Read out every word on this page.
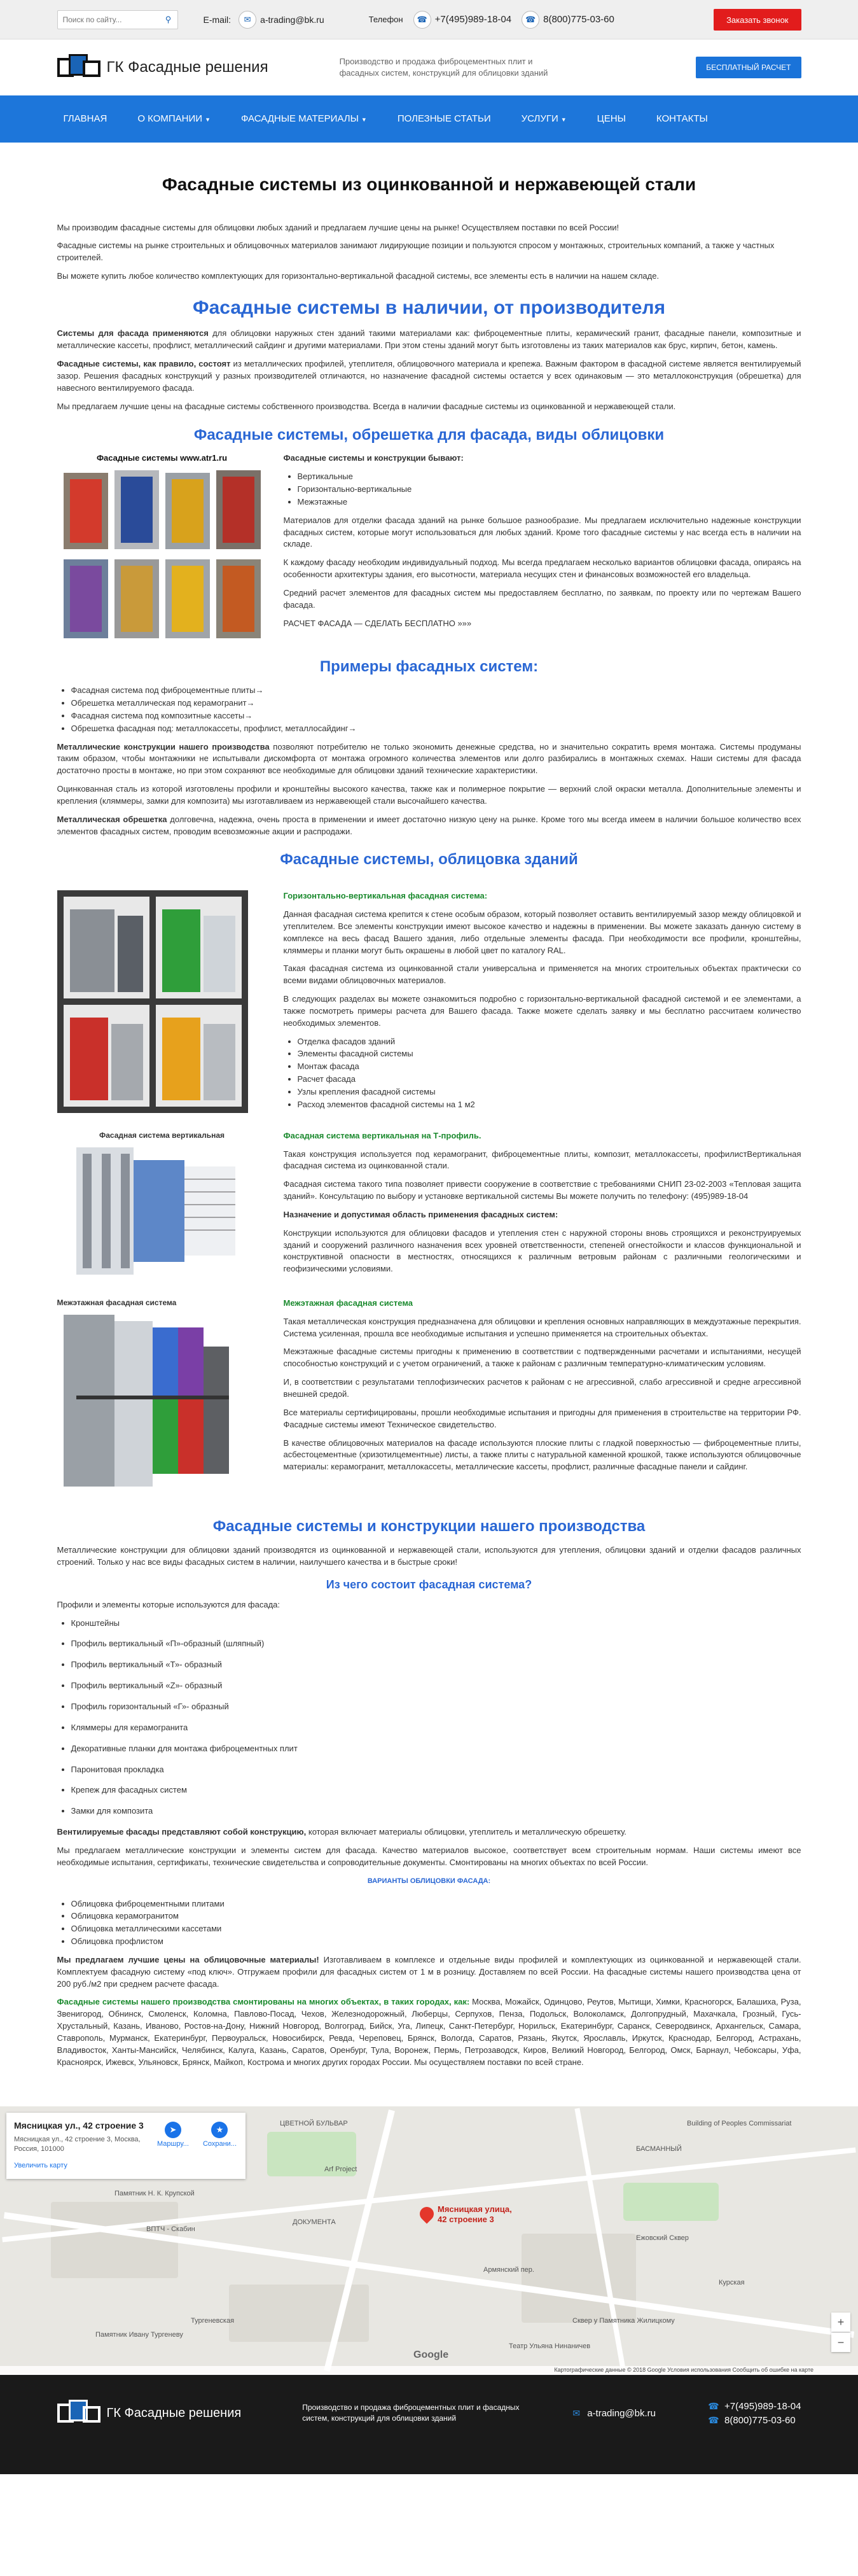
Поиск по сайту...
⚲	E-mail:	✉	a-trading@bk.ru	Телефон	☎ +7(495)989-18-04	☎ 8(800)775-03-60	Заказать звонок
ГК Фасадные решения	Производство и продажа фиброцементных плит и фасадных систем, конструкций для облицовки зданий
БЕСПЛАТНЫЙ РАСЧЕТ
ГЛАВНАЯ	О КОМПАНИИ ▼	ФАСАДНЫЕ МАТЕРИАЛЫ ▼	ПОЛЕЗНЫЕ СТАТЬИ	УСЛУГИ ▼	ЦЕНЫ	КОНТАКТЫ
Фасадные системы из оцинкованной и нержавеющей стали

Мы производим фасадные системы для облицовки любых зданий и предлагаем лучшие цены на рынке! Осуществляем поставки по всей России!

Фасадные системы на рынке строительных и облицовочных материалов занимают лидирующие позиции и пользуются спросом у монтажных, строительных компаний, а также у частных строителей.

Вы можете купить любое количество комплектующих для горизонтально-вертикальной фасадной системы, все элементы есть в наличии на нашем складе.

Фасадные системы в наличии, от производителя

Системы для фасада применяются для облицовки наружных стен зданий такими материалами как: фиброцементные плиты, керамический гранит, фасадные панели, композитные и металлические кассеты, профлист, металлический сайдинг и другими материалами. При этом стены зданий могут быть изготовлены из таких материалов как брус, кирпич, бетон, камень.

Фасадные системы, как правило, состоят из металлических профилей, утеплителя, облицовочного материала и крепежа. Важным фактором в фасадной системе является вентилируемый зазор. Решения фасадных конструкций у разных производителей отличаются, но назначение фасадной системы остается у всех одинаковым — это металлоконструкция (обрешетка) для навесного вентилируемого фасада.

Мы предлагаем лучшие цены на фасадные системы собственного производства. Всегда в наличии фасадные системы из оцинкованной и нержавеющей стали.

Фасадные системы, обрешетка для фасада, виды облицовки
Фасадные системы www.atr1.ru	Фасадные системы и конструкции бывают:

• Вертикальные
• Горизонтально-вертикальные
• Межэтажные

Материалов для отделки фасада зданий на рынке большое разнообразие. Мы предлагаем исключительно надежные конструкции фасадных систем, которые могут использоваться для любых зданий. Кроме того фасадные системы у нас всегда есть в наличии на складе.

К каждому фасаду необходим индивидуальный подход. Мы всегда предлагаем несколько вариантов облицовки фасада, опираясь на особенности архитектуры здания, его высотности, материала несущих стен и финансовых возможностей его владельца.

Средний расчет элементов для фасадных систем мы предоставляем бесплатно, по заявкам, по проекту или по чертежам Вашего фасада.

РАСЧЕТ ФАСАДА — СДЕЛАТЬ БЕСПЛАТНО »»»

Примеры фасадных систем:
• Фасадная система под фиброцементные плиты→
• Обрешетка металлическая под керамогранит→
• Фасадная система под композитные кассеты→
• Обрешетка фасадная под: металлокассеты, профлист, металлосайдинг→

Металлические конструкции нашего производства позволяют потребителю не только экономить денежные средства, но и значительно сократить время монтажа. Системы продуманы таким образом, чтобы монтажники не испытывали дискомфорта от монтажа огромного количества элементов или долго разбирались в монтажных схемах. Наши системы для фасада достаточно просты в монтаже, но при этом сохраняют все необходимые для облицовки зданий технические характеристики.

Оцинкованная сталь из которой изготовлены профили и кронштейны высокого качества, также как и полимерное покрытие — верхний слой окраски металла. Дополнительные элементы и крепления (кляммеры, замки для композита) мы изготавливаем из нержавеющей стали высочайшего качества.

Металлическая обрешетка долговечна, надежна, очень проста в применении и имеет достаточно низкую цену на рынке. Кроме того мы всегда имеем в наличии большое количество всех элементов фасадных систем, проводим всевозможные акции и распродажи.

Фасадные системы, облицовка зданий

Горизонтально-вертикальная фасадная система:

Данная фасадная система крепится к стене особым образом, который позволяет оставить вентилируемый зазор между облицовкой и утеплителем. Все элементы конструкции имеют высокое качество и надежны в применении. Вы можете заказать данную систему в комплексе на весь фасад Вашего здания, либо отдельные элементы фасада. При необходимости все профили, кронштейны, кляммеры и планки могут быть окрашены в любой цвет по каталогу RAL.

Такая фасадная система из оцинкованной стали универсальна и применяется на многих строительных объектах практически со всеми видами облицовочных материалов.

В следующих разделах вы можете ознакомиться подробно с горизонтально-вертикальной фасадной системой и ее элементами, а также посмотреть примеры расчета для Вашего фасада. Также можете сделать заявку и мы бесплатно рассчитаем количество необходимых элементов.

• Отделка фасадов зданий
• Элементы фасадной системы
• Монтаж фасада
• Расчет фасада
• Узлы крепления фасадной системы
• Расход элементов фасадной системы на 1 м2
Фасадная система вертикальная	Фасадная система вертикальная на Т-профиль.

Такая конструкция используется под керамогранит, фиброцементные плиты, композит, металлокассеты, профилистВертикальная фасадная система из оцинкованной стали.

Фасадная система такого типа позволяет привести сооружение в соответствие с требованиями СНИП 23-02-2003 «Тепловая защита зданий». Консультацию по выбору и установке вертикальной системы Вы можете получить по телефону: (495)989-18-04

Назначение и допустимая область применения фасадных систем:

Конструкции используются для облицовки фасадов и утепления стен с наружной стороны вновь строящихся и реконструируемых зданий и сооружений различного назначения всех уровней ответственности, степеней огнестойкости и классов функциональной и конструктивной опасности в местностях, относящихся к различным ветровым районам с различными геологическими и геофизическими условиями.

Межэтажная фасадная система	Межэтажная фасадная система

Такая металлическая конструкция предназначена для облицовки и крепления основных направляющих в междуэтажные перекрытия. Система усиленная, прошла все необходимые испытания и успешно применяется на строительных объектах.

Межэтажные фасадные системы пригодны к применению в соответствии с подтвержденными расчетами и испытаниями, несущей способностью конструкций и с учетом ограничений, а также к районам с различным температурно-климатическим условиям.

И, в соответствии с результатами теплофизических расчетов к районам с не агрессивной, слабо агрессивной и средне агрессивной внешней средой.

Все материалы сертифицированы, прошли необходимые испытания и пригодны для применения в строительстве на территории РФ. Фасадные системы имеют Техническое свидетельство.

В качестве облицовочных материалов на фасаде используются плоские плиты с гладкой поверхностью — фиброцементные плиты, асбестоцементные (хризотилцементные) листы, а также плиты с натуральной каменной крошкой, также используются облицовочные материалы: керамогранит, металлокассеты, металлические кассеты, профлист, различные фасадные панели и сайдинг.

Фасадные системы и конструкции нашего производства

Металлические конструкции для облицовки зданий производятся из оцинкованной и нержавеющей стали, используются для утепления, облицовки зданий и отделки фасадов различных строений. Только у нас все виды фасадных систем в наличии, наилучшего качества и в быстрые сроки!

Из чего состоит фасадная система?

Профили и элементы которые используются для фасада:

• Кронштейны
• Профиль вертикальный «П»-образный (шляпный)
• Профиль вертикальный «Т»- образный
• Профиль вертикальный «Z»- образный
• Профиль горизонтальный «Г»- образный
• Кляммеры для керамогранита
• Декоративные планки для монтажа фиброцементных плит
• Паронитовая прокладка
• Крепеж для фасадных систем
• Замки для композита

Вентилируемые фасады представляют собой конструкцию, которая включает материалы облицовки, утеплитель и металлическую обрешетку.

Мы предлагаем металлические конструкции и элементы систем для фасада. Качество материалов высокое, соответствует всем строительным нормам. Наши системы имеют все необходимые испытания, сертификаты, технические свидетельства и сопроводительные документы. Смонтированы на многих объектах по всей России.

ВАРИАНТЫ ОБЛИЦОВКИ ФАСАДА:
• Облицовка фиброцементными плитами
• Облицовка керамогранитом
• Облицовка металлическими кассетами
• Облицовка профлистом

Мы предлагаем лучшие цены на облицовочные материалы! Изготавливаем в комплексе и отдельные виды профилей и комплектующих из оцинкованной и нержавеющей стали. Комплектуем фасадную систему «под ключ». Отгружаем профили для фасадных систем от 1 м в розницу. Доставляем по всей России. На фасадные системы нашего производства цена от 200 руб./м2 при среднем расчете фасада.

Фасадные системы нашего производства смонтированы на многих объектах, в таких городах, как: Москва, Можайск, Одинцово, Реутов, Мытищи, Химки, Красногорск, Балашиха, Руза, Звенигород, Обнинск, Смоленск, Коломна, Павлово-Посад, Чехов, Железнодорожный, Люберцы, Серпухов, Пенза, Подольск, Волоколамск, Долгопрудный, Махачкала, Грозный, Гусь-Хрустальный, Казань, Иваново, Ростов-на-Дону, Нижний Новгород, Волгоград, Бийск, Уга, Липецк, Санкт-Петербург, Норильск, Екатеринбург, Саранск, Северодвинск, Архангельск, Самара, Ставрополь, Мурманск, Екатеринбург, Первоуральск, Новосибирск, Ревда, Череповец, Брянск, Вологда, Саратов, Рязань, Якутск, Ярославль, Иркутск, Краснодар, Белгород, Астрахань, Владивосток, Ханты-Мансийск, Челябинск, Калуга, Казань, Саратов, Оренбург, Тула, Воронеж, Пермь, Петрозаводск, Киров, Великий Новгород, Белгород, Омск, Барнаул, Чебоксары, Уфа, Красноярск, Ижевск, Ульяновск, Брянск, Майкоп, Кострома и многих других городах России. Мы осуществляем поставки по всей стране.

ЦВЕТНОЙ БУЛЬВАР
Arf Project
Памятник Н. К. Крупской
ВПТЧ - Скабин
ДОКУМЕНТА
Тургеневская
Армянский пер.
БАСМАННЫЙ
Ежовский Сквер
Памятник Ивану Тургеневу
Курская
Театр Ульяна Нинаничев
Сквер у Памятника Жилицкому
Building of Peoples Commissariat
Мясницкая ул., 42 строение 3
Мясницкая ул., 42 строение 3, Москва, Россия, 101000
Увеличить карту
➤
Маршру...
★
Сохрани...
Мясницкая улица,
42 строение 3
+
−
Google
Картографические данные © 2018 Google Условия использования Сообщить об ошибке на карте
ГК Фасадные решения	Производство и продажа фиброцементных плит и фасадных систем, конструкций для облицовки зданий
✉ a-trading@bk.ru
☎ +7(495)989-18-04
☎ 8(800)775-03-60
